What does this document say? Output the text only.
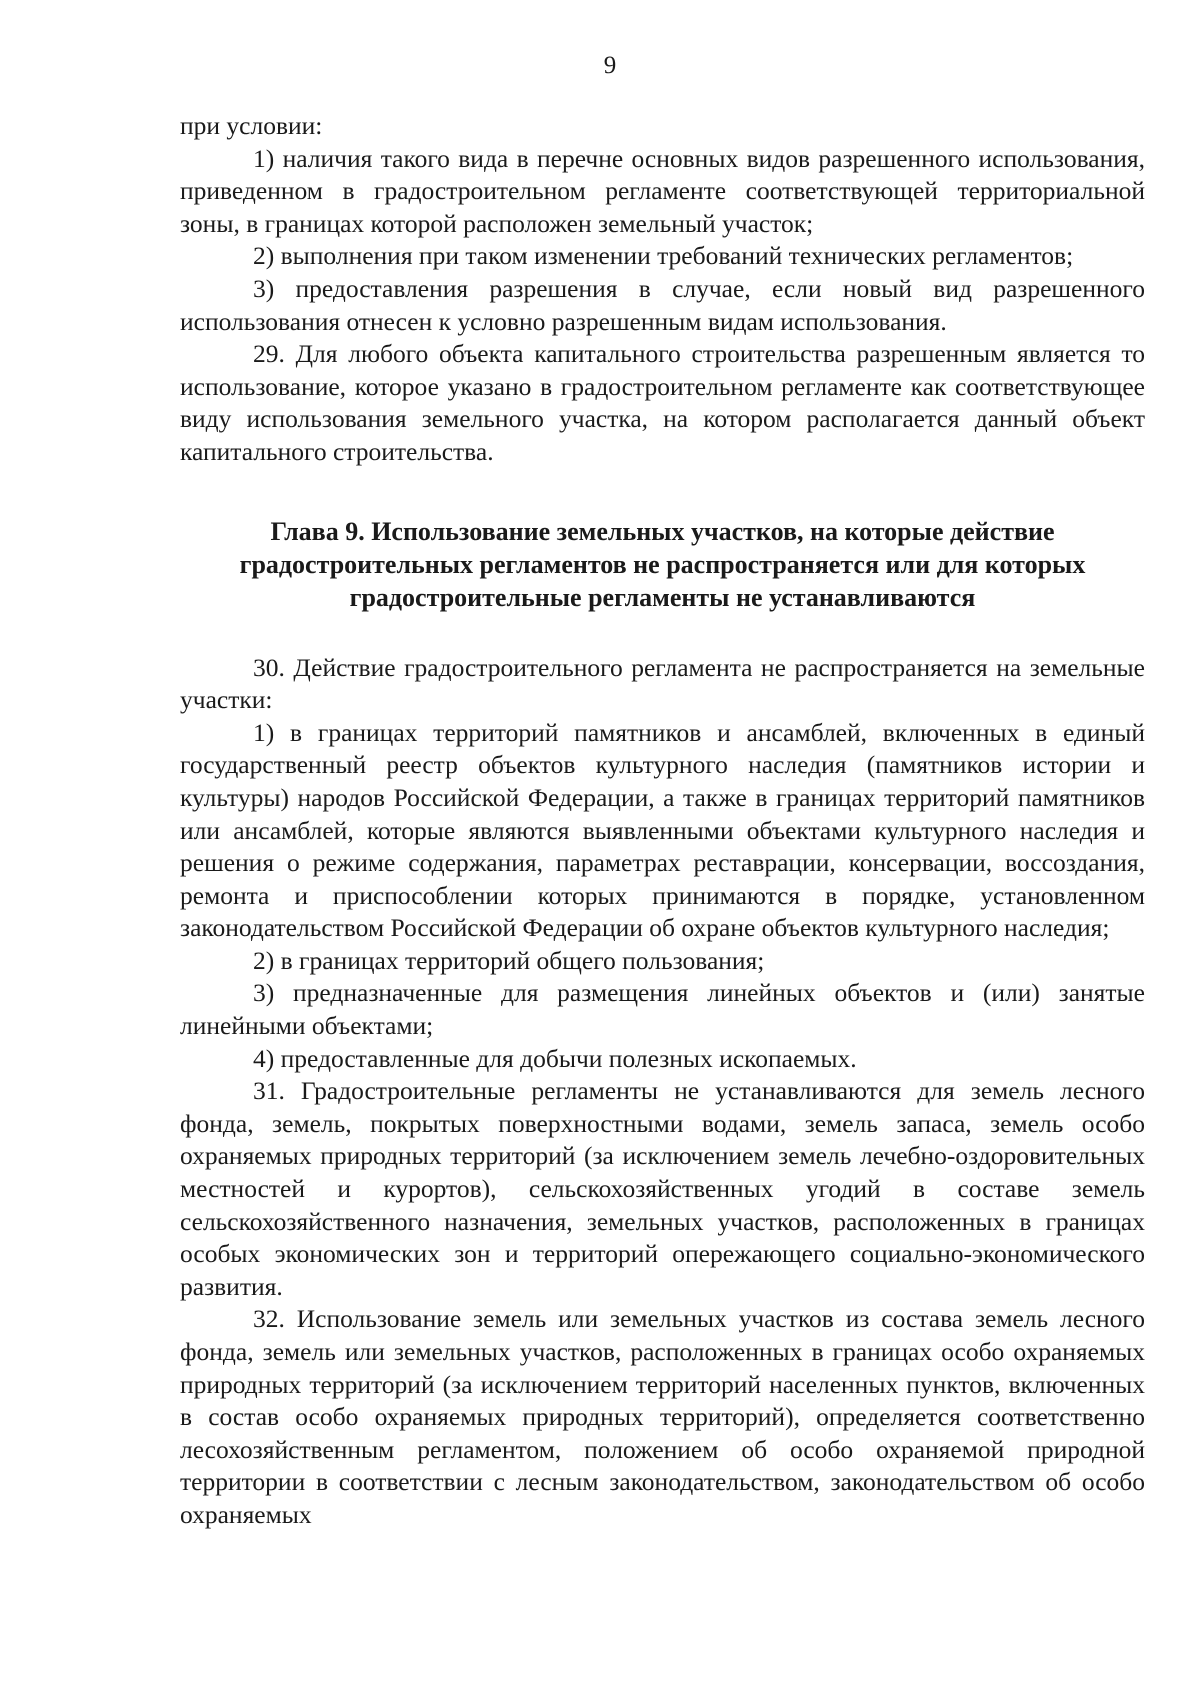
9

при условии:

1) наличия такого вида в перечне основных видов разрешенного использования, приведенном в градостроительном регламенте соответствующей территориальной зоны, в границах которой расположен земельный участок;

2) выполнения при таком изменении требований технических регламентов;

3) предоставления разрешения в случае, если новый вид разрешенного использования отнесен к условно разрешенным видам использования.

29. Для любого объекта капитального строительства разрешенным является то использование, которое указано в градостроительном регламенте как соответствующее виду использования земельного участка, на котором располагается данный объект капитального строительства.

Глава 9. Использование земельных участков, на которые действие
градостроительных регламентов не распространяется или для которых
градостроительные регламенты не устанавливаются

30. Действие градостроительного регламента не распространяется на земельные участки:

1) в границах территорий памятников и ансамблей, включенных в единый государственный реестр объектов культурного наследия (памятников истории и культуры) народов Российской Федерации, а также в границах территорий памятников или ансамблей, которые являются выявленными объектами культурного наследия и решения о режиме содержания, параметрах реставрации, консервации, воссоздания, ремонта и приспособлении которых принимаются в порядке, установленном законодательством Российской Федерации об охране объектов культурного наследия;

2) в границах территорий общего пользования;

3) предназначенные для размещения линейных объектов и (или) занятые линейными объектами;

4) предоставленные для добычи полезных ископаемых.

31. Градостроительные регламенты не устанавливаются для земель лесного фонда, земель, покрытых поверхностными водами, земель запаса, земель особо охраняемых природных территорий (за исключением земель лечебно-оздоровительных местностей и курортов), сельскохозяйственных угодий в составе земель сельскохозяйственного назначения, земельных участков, расположенных в границах особых экономических зон и территорий опережающего социально-экономического развития.

32. Использование земель или земельных участков из состава земель лесного фонда, земель или земельных участков, расположенных в границах особо охраняемых природных территорий (за исключением территорий населенных пунктов, включенных в состав особо охраняемых природных территорий), определяется соответственно лесохозяйственным регламентом, положением об особо охраняемой природной территории в соответствии с лесным законодательством, законодательством об особо охраняемых
